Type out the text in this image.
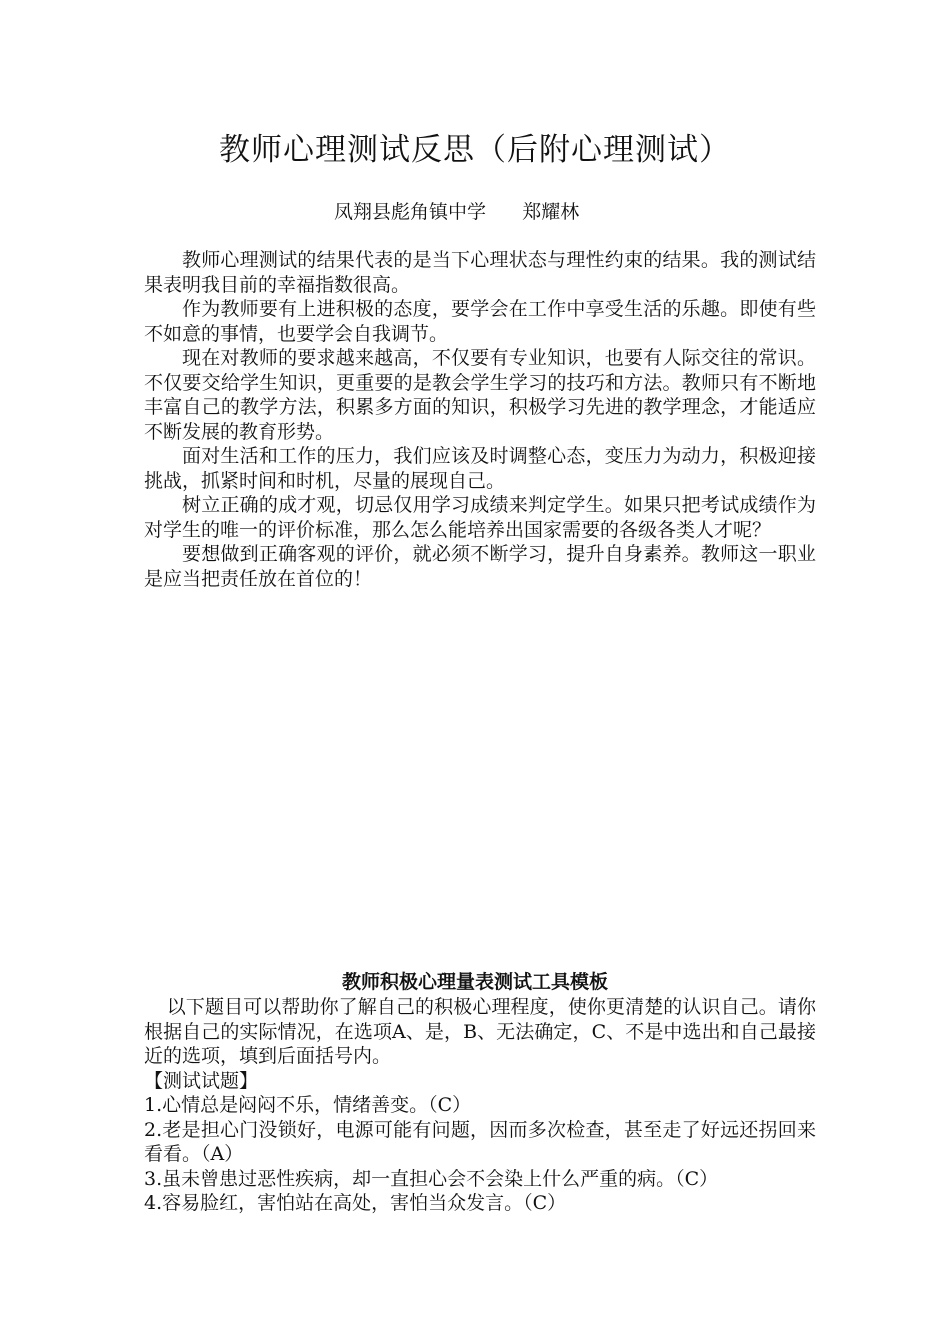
教师心理测试反思（后附心理测试）
凤翔县彪角镇中学      郑耀林

教师心理测试的结果代表的是当下心理状态与理性约束的结果。我的测试结果表明我目前的幸福指数很高。

作为教师要有上进积极的态度，要学会在工作中享受生活的乐趣。即使有些不如意的事情，也要学会自我调节。

现在对教师的要求越来越高，不仅要有专业知识，也要有人际交往的常识。不仅要交给学生知识，更重要的是教会学生学习的技巧和方法。教师只有不断地丰富自己的教学方法，积累多方面的知识，积极学习先进的教学理念，才能适应不断发展的教育形势。

面对生活和工作的压力，我们应该及时调整心态，变压力为动力，积极迎接挑战，抓紧时间和时机，尽量的展现自己。

树立正确的成才观，切忌仅用学习成绩来判定学生。如果只把考试成绩作为对学生的唯一的评价标准，那么怎么能培养出国家需要的各级各类人才呢？

要想做到正确客观的评价，就必须不断学习，提升自身素养。教师这一职业是应当把责任放在首位的！

教师积极心理量表测试工具模板

以下题目可以帮助你了解自己的积极心理程度，使你更清楚的认识自己。请你根据自己的实际情况，在选项A、是，B、无法确定，C、不是中选出和自己最接近的选项，填到后面括号内。

【测试试题】

1.心情总是闷闷不乐，情绪善变。（C）

2.老是担心门没锁好，电源可能有问题，因而多次检查，甚至走了好远还拐回来看看。（A）

3.虽未曾患过恶性疾病，却一直担心会不会染上什么严重的病。（C）

4.容易脸红，害怕站在高处，害怕当众发言。（C）
